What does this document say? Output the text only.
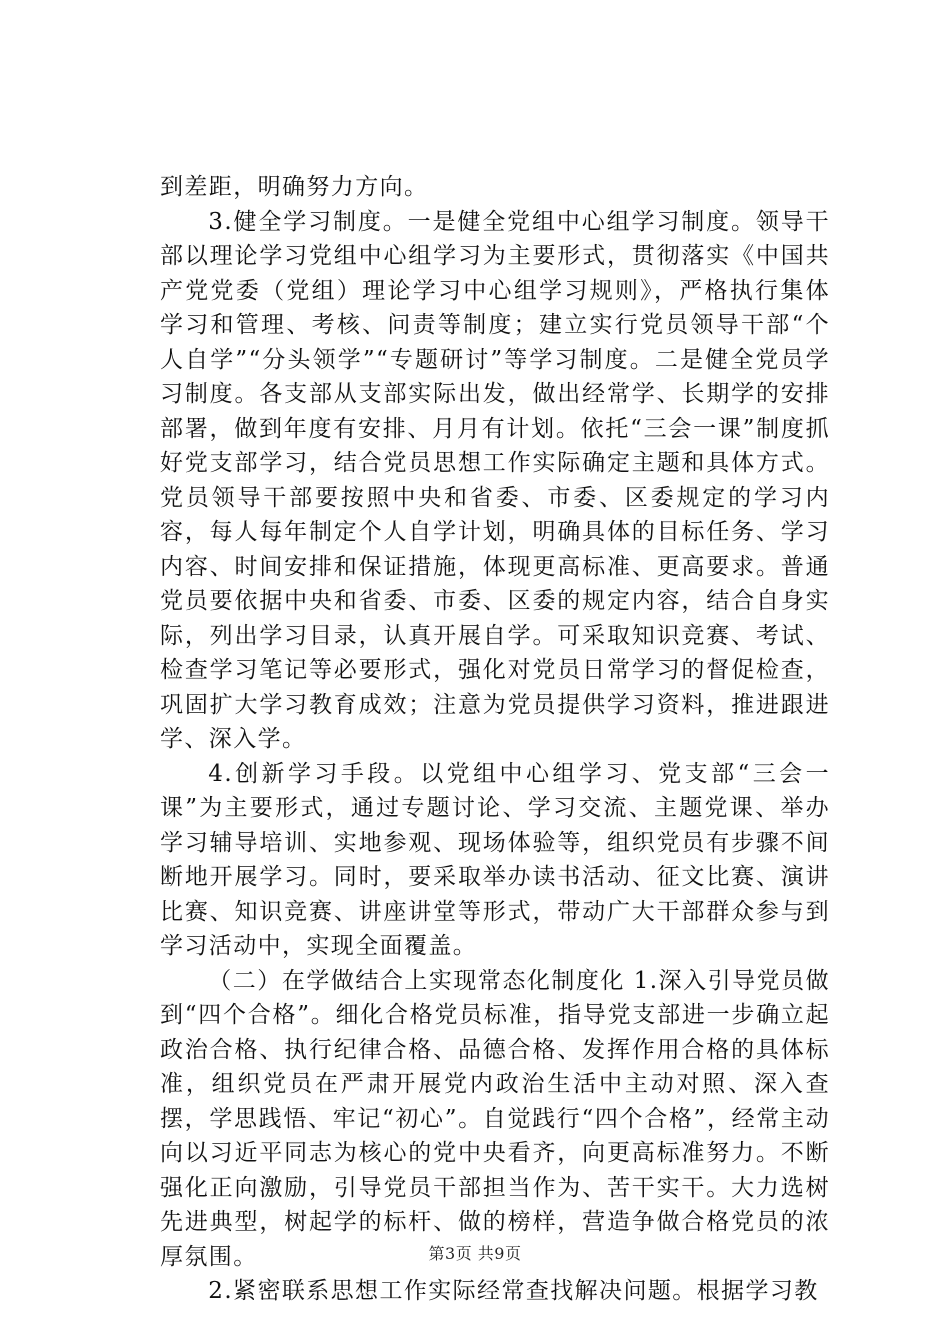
到差距，明确努力方向。

3.健全学习制度。一是健全党组中心组学习制度。领导干部以理论学习党组中心组学习为主要形式，贯彻落实《中国共产党党委（党组）理论学习中心组学习规则》，严格执行集体学习和管理、考核、问责等制度；建立实行党员领导干部“个人自学”“分头领学”“专题研讨”等学习制度。二是健全党员学习制度。各支部从支部实际出发，做出经常学、长期学的安排部署，做到年度有安排、月月有计划。依托“三会一课”制度抓好党支部学习，结合党员思想工作实际确定主题和具体方式。党员领导干部要按照中央和省委、市委、区委规定的学习内容，每人每年制定个人自学计划，明确具体的目标任务、学习内容、时间安排和保证措施，体现更高标准、更高要求。普通党员要依据中央和省委、市委、区委的规定内容，结合自身实际，列出学习目录，认真开展自学。可采取知识竞赛、考试、检查学习笔记等必要形式，强化对党员日常学习的督促检查，巩固扩大学习教育成效；注意为党员提供学习资料，推进跟进学、深入学。

4.创新学习手段。以党组中心组学习、党支部“三会一课”为主要形式，通过专题讨论、学习交流、主题党课、举办学习辅导培训、实地参观、现场体验等，组织党员有步骤不间断地开展学习。同时，要采取举办读书活动、征文比赛、演讲比赛、知识竞赛、讲座讲堂等形式，带动广大干部群众参与到学习活动中，实现全面覆盖。

（二）在学做结合上实现常态化制度化 1.深入引导党员做到“四个合格”。细化合格党员标准，指导党支部进一步确立起政治合格、执行纪律合格、品德合格、发挥作用合格的具体标准，组织党员在严肃开展党内政治生活中主动对照、深入查摆，学思践悟、牢记“初心”。自觉践行“四个合格”，经常主动向以习近平同志为核心的党中央看齐，向更高标准努力。不断强化正向激励，引导党员干部担当作为、苦干实干。大力选树先进典型，树起学的标杆、做的榜样，营造争做合格党员的浓厚氛围。

2.紧密联系思想工作实际经常查找解决问题。根据学习教

第3页 共9页
